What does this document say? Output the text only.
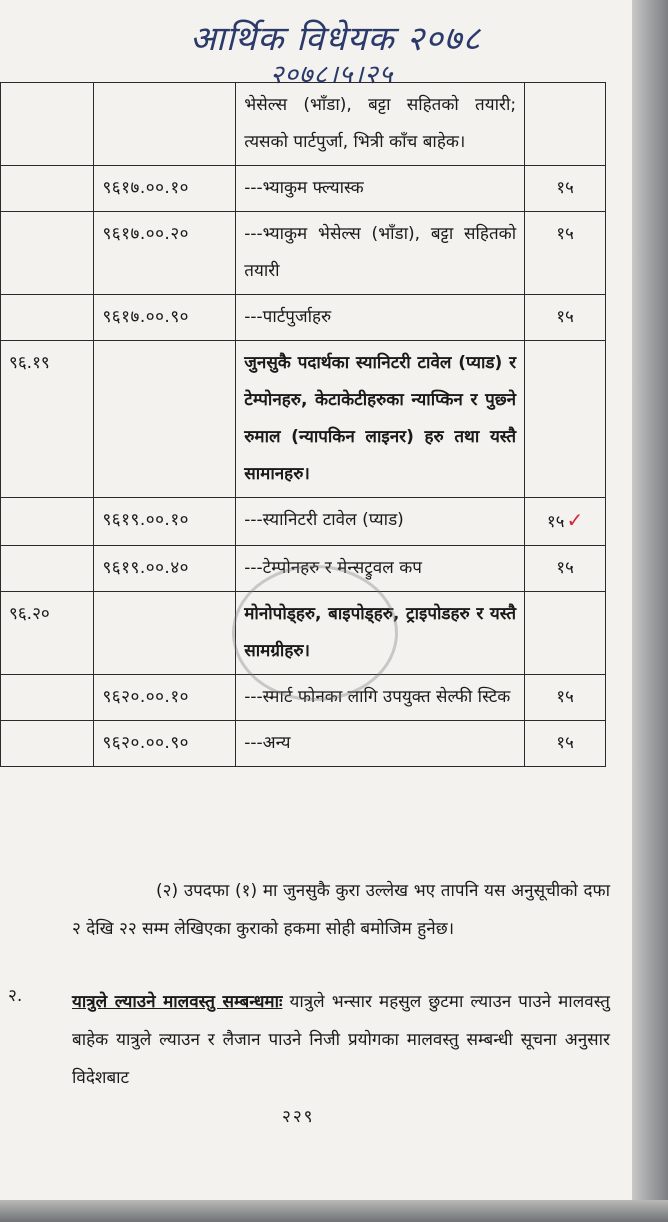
आर्थिक विधेयक २०७८
२०७८।५।२५
		भेसेल्स (भाँडा), बट्टा सहितको तयारी; त्यसको पार्टपुर्जा, भित्री काँच बाहेक।	
	९६१७.००.१०	---भ्याकुम फ्ल्यास्क	१५
	९६१७.००.२०	---भ्याकुम भेसेल्स (भाँडा), बट्टा सहितको तयारी	१५
	९६१७.००.९०	---पार्टपुर्जाहरु	१५
९६.१९		जुनसुकै पदार्थका स्यानिटरी टावेल (प्याड) र टेम्पोनहरु, केटाकेटीहरुका न्याप्किन र पुछ्ने रुमाल (न्यापकिन लाइनर) हरु तथा यस्तै सामानहरु।	
	९६१९.००.१०	---स्यानिटरी टावेल (प्याड)	१५ ✓
	९६१९.००.४०	---टेम्पोनहरु र मेन्सट्रुवल कप	१५
९६.२०		मोनोपोड्हरु, बाइपोड्हरु, ट्राइपोडहरु र यस्तै सामग्रीहरु।	
	९६२०.००.१०	---स्मार्ट फोनका लागि उपयुक्त सेल्फी स्टिक	१५
	९६२०.००.९०	---अन्य	१५
(२) उपदफा (१) मा जुनसुकै कुरा उल्लेख भए तापनि यस अनुसूचीको दफा २ देखि २२ सम्म लेखिएका कुराको हकमा सोही बमोजिम हुनेछ।
२.	यात्रुले ल्याउने मालवस्तु सम्बन्धमाः यात्रुले भन्सार महसुल छुटमा ल्याउन पाउने मालवस्तु बाहेक यात्रुले ल्याउन र लैजान पाउने निजी प्रयोगका मालवस्तु सम्बन्धी सूचना अनुसार विदेशबाट
२२९
